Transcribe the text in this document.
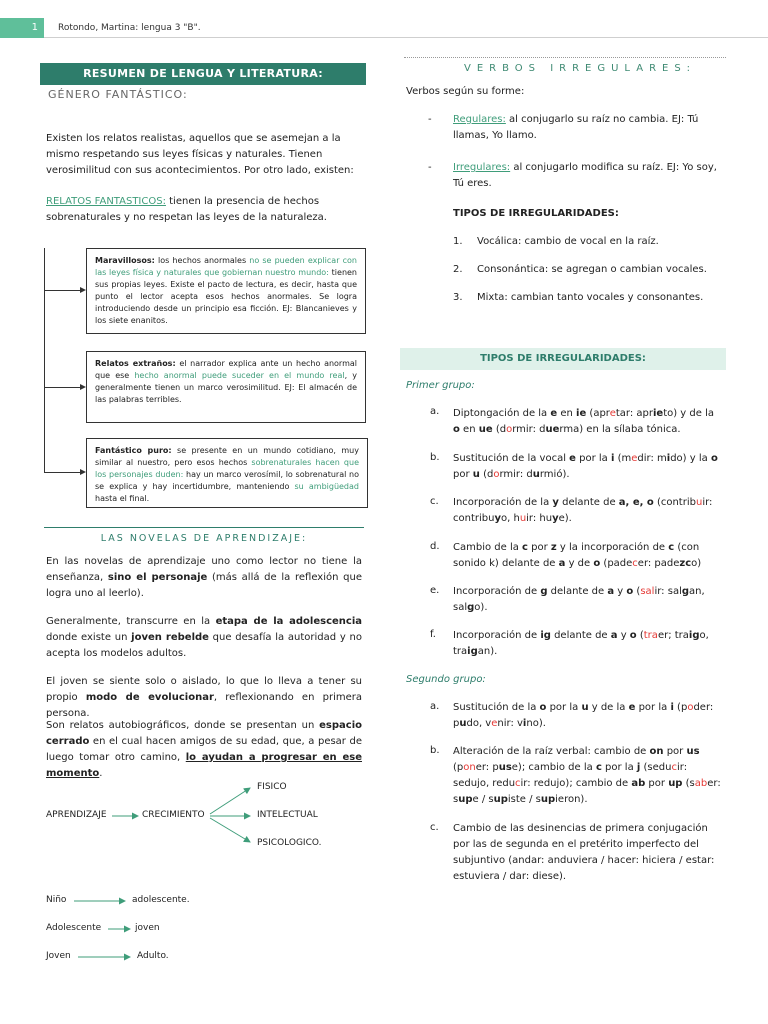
1	Rotondo, Martina: lengua 3 "B".
RESUMEN DE LENGUA Y LITERATURA:
GÉNERO FANTÁSTICO:
Existen los relatos realistas, aquellos que se asemejan a la mismo respetando sus leyes físicas y naturales. Tienen verosimilitud con sus acontecimientos. Por otro lado, existen:
RELATOS FANTASTICOS: tienen la presencia de hechos sobrenaturales y no respetan las leyes de la naturaleza.
Maravillosos: los hechos anormales no se pueden explicar con las leyes física y naturales que gobiernan nuestro mundo: tienen sus propias leyes. Existe el pacto de lectura, es decir, hasta que punto el lector acepta esos hechos anormales. Se logra introduciendo desde un principio esa ficción. EJ: Blancanieves y los siete enanitos.
Relatos extraños: el narrador explica ante un hecho anormal que ese hecho anormal puede suceder en el mundo real, y generalmente tienen un marco verosimilitud. EJ: El almacén de las palabras terribles.
Fantástico puro: se presente en un mundo cotidiano, muy similar al nuestro, pero esos hechos sobrenaturales hacen que los personajes duden: hay un marco verosímil, lo sobrenatural no se explica y hay incertidumbre, manteniendo su ambigüedad hasta el final.
LAS NOVELAS DE APRENDIZAJE:
En las novelas de aprendizaje uno como lector no tiene la enseñanza, sino el personaje (más allá de la reflexión que logra uno al leerlo).
Generalmente, transcurre en la etapa de la adolescencia donde existe un joven rebelde que desafía la autoridad y no acepta los modelos adultos.
El joven se siente solo o aislado, lo que lo lleva a tener su propio modo de evolucionar, reflexionando en primera persona.
Son relatos autobiográficos, donde se presentan un espacio cerrado en el cual hacen amigos de su edad, que, a pesar de luego tomar otro camino, lo ayudan a progresar en ese momento.
APRENDIZAJE	CRECIMIENTO
FISICO
INTELECTUAL
PSICOLOGICO.
Niño	adolescente.
Adolescente	joven
Joven	Adulto.
VERBOS IRREGULARES:
Verbos según su forme:
- Regulares: al conjugarlo su raíz no cambia. EJ: Tú llamas, Yo llamo.
- Irregulares: al conjugarlo modifica su raíz. EJ: Yo soy, Tú eres.
TIPOS DE IRREGULARIDADES:
1. Vocálica: cambio de vocal en la raíz.
2. Consonántica: se agregan o cambian vocales.
3. Mixta: cambian tanto vocales y consonantes.
TIPOS DE IRREGULARIDADES:
Primer grupo:
a. Diptongación de la e en ie (apretar: aprieto) y de la o en ue (dormir: duerma) en la sílaba tónica.
b. Sustitución de la vocal e por la i (medir: mido) y la o por u (dormir: durmió).
c. Incorporación de la y delante de a, e, o (contribuir: contribuyo, huir: huye).
d. Cambio de la c por z y la incorporación de c (con sonido k) delante de a y de o (padecer: padezco)
e. Incorporación de g delante de a y o (salir: salgan, salgo).
f. Incorporación de ig delante de a y o (traer; traigo, traigan).
Segundo grupo:
a. Sustitución de la o por la u y de la e por la i (poder: pudo, venir: vino).
b. Alteración de la raíz verbal: cambio de on por us (poner: puse); cambio de la c por la j (seducir: sedujo, reducir: redujo); cambio de ab por up (saber: supe / supiste / supieron).
c. Cambio de las desinencias de primera conjugación por las de segunda en el pretérito imperfecto del subjuntivo (andar: anduviera / hacer: hiciera / estar: estuviera / dar: diese).
